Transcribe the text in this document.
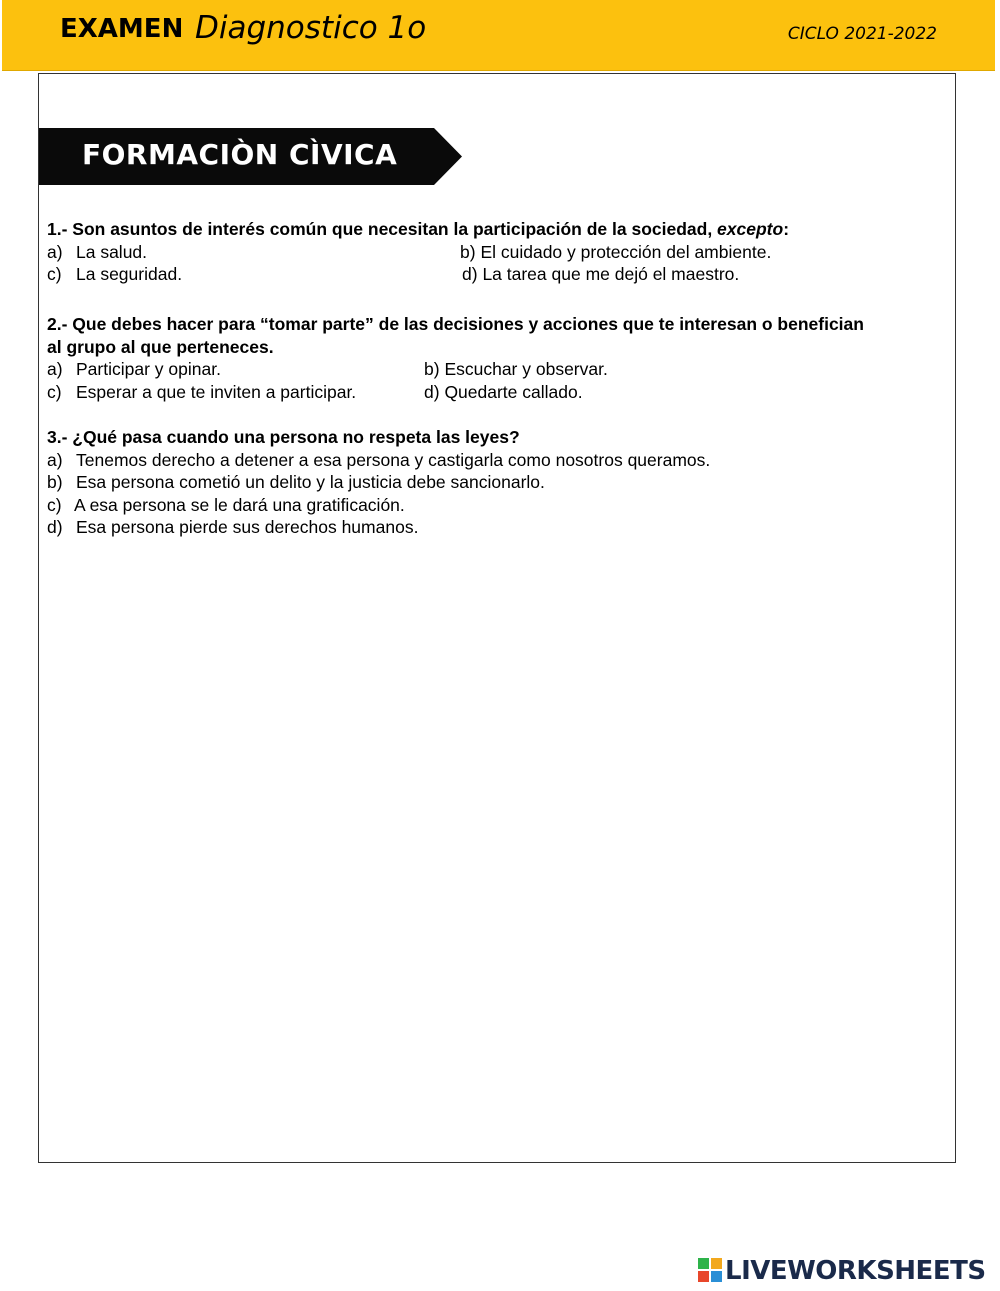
EXAMEN Diagnostico 1o	CICLO 2021-2022
FORMACIÒN CÌVICA
1.- Son asuntos de interés común que necesitan la participación de la sociedad, excepto:
a) La salud.	b) El cuidado y protección del ambiente.
c) La seguridad.	d) La tarea que me dejó el maestro.
2.- Que debes hacer para “tomar parte” de las decisiones y acciones que te interesan o benefician
al grupo al que perteneces.
a) Participar y opinar.	b) Escuchar y observar.
c) Esperar a que te inviten a participar.	d) Quedarte callado.
3.- ¿Qué pasa cuando una persona no respeta las leyes?
a) Tenemos derecho a detener a esa persona y castigarla como nosotros queramos.
b) Esa persona cometió un delito y la justicia debe sancionarlo.
c) A esa persona se le dará una gratificación.
d) Esa persona pierde sus derechos humanos.
LIVEWORKSHEETS
